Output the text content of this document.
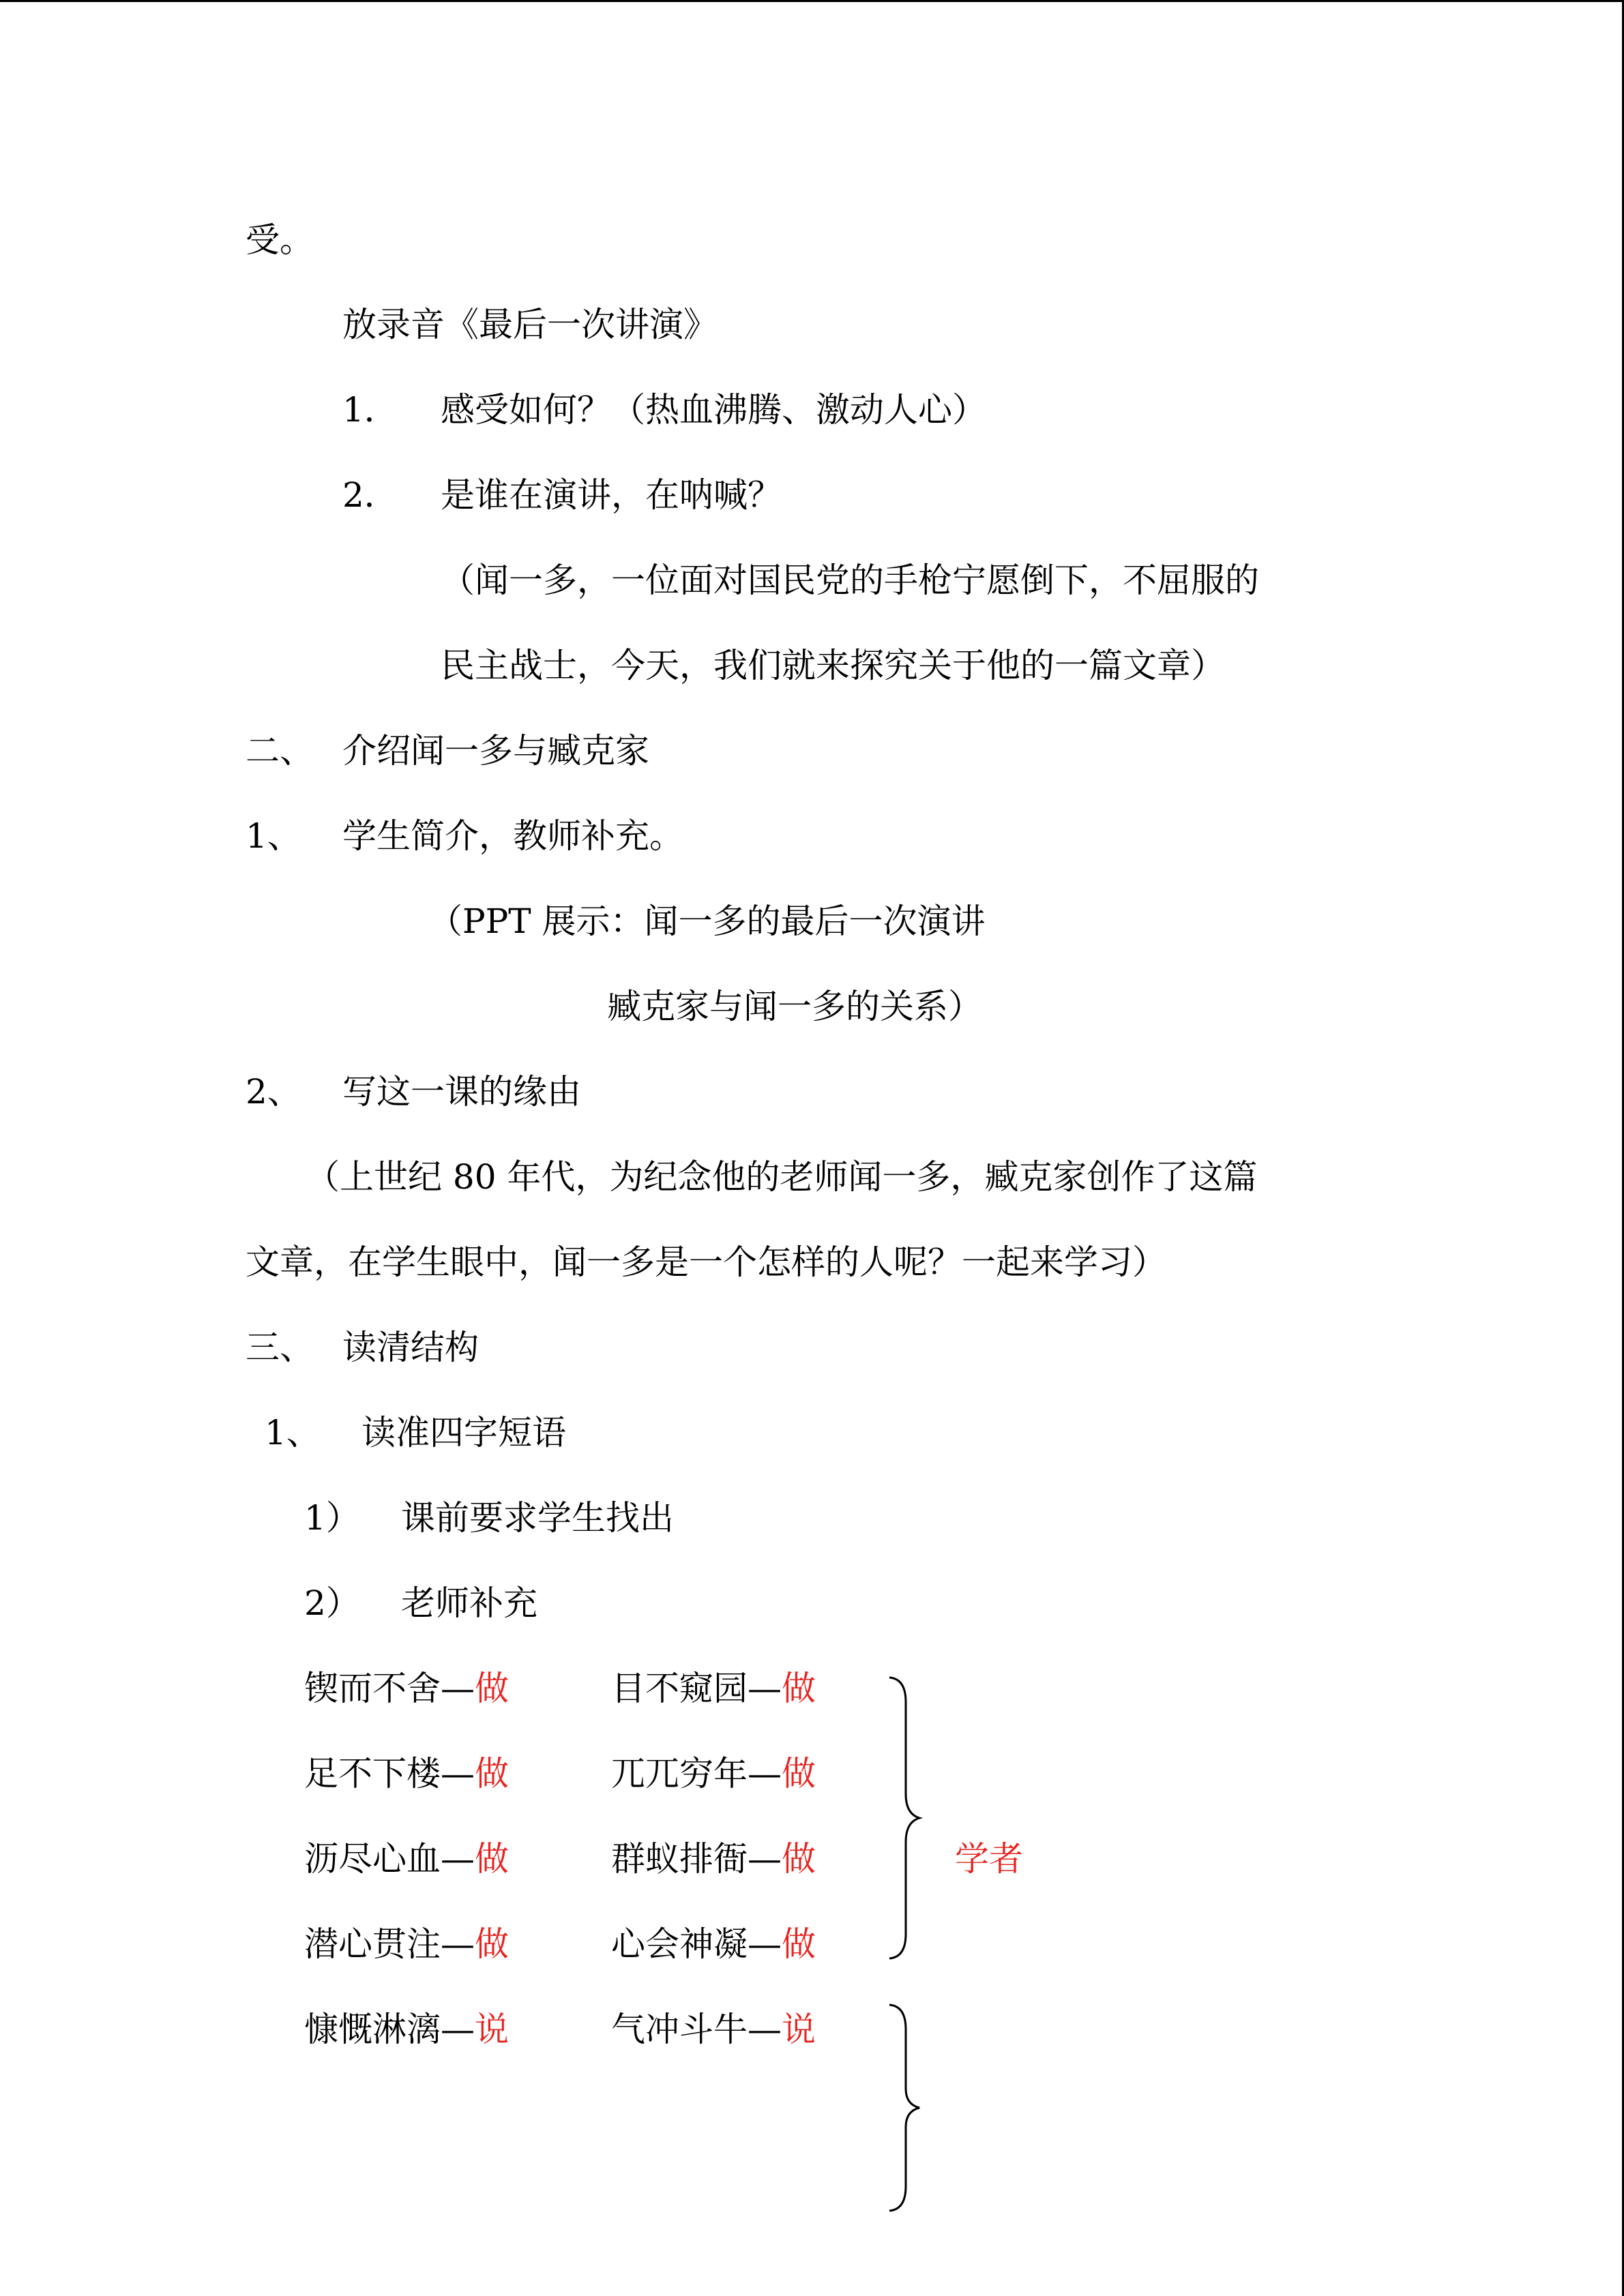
受。
放录音《最后一次讲演》
1． 感受如何？（热血沸腾、激动人心）
2． 是谁在演讲，在呐喊？
（闻一多，一位面对国民党的手枪宁愿倒下，不屈服的
民主战士，今天，我们就来探究关于他的一篇文章）
二、 介绍闻一多与臧克家
1、 学生简介，教师补充。
（PPT 展示：闻一多的最后一次演讲
臧克家与闻一多的关系）
2、 写这一课的缘由
（上世纪 80 年代，为纪念他的老师闻一多，臧克家创作了这篇
文章，在学生眼中，闻一多是一个怎样的人呢？一起来学习）
三、 读清结构
1、 读准四字短语
1） 课前要求学生找出
2） 老师补充
锲而不舍—做	目不窥园—做
足不下楼—做	兀兀穷年—做
沥尽心血—做	群蚁排衙—做
潜心贯注—做	心会神凝—做
慷慨淋漓—说	气冲斗牛—说
学者
